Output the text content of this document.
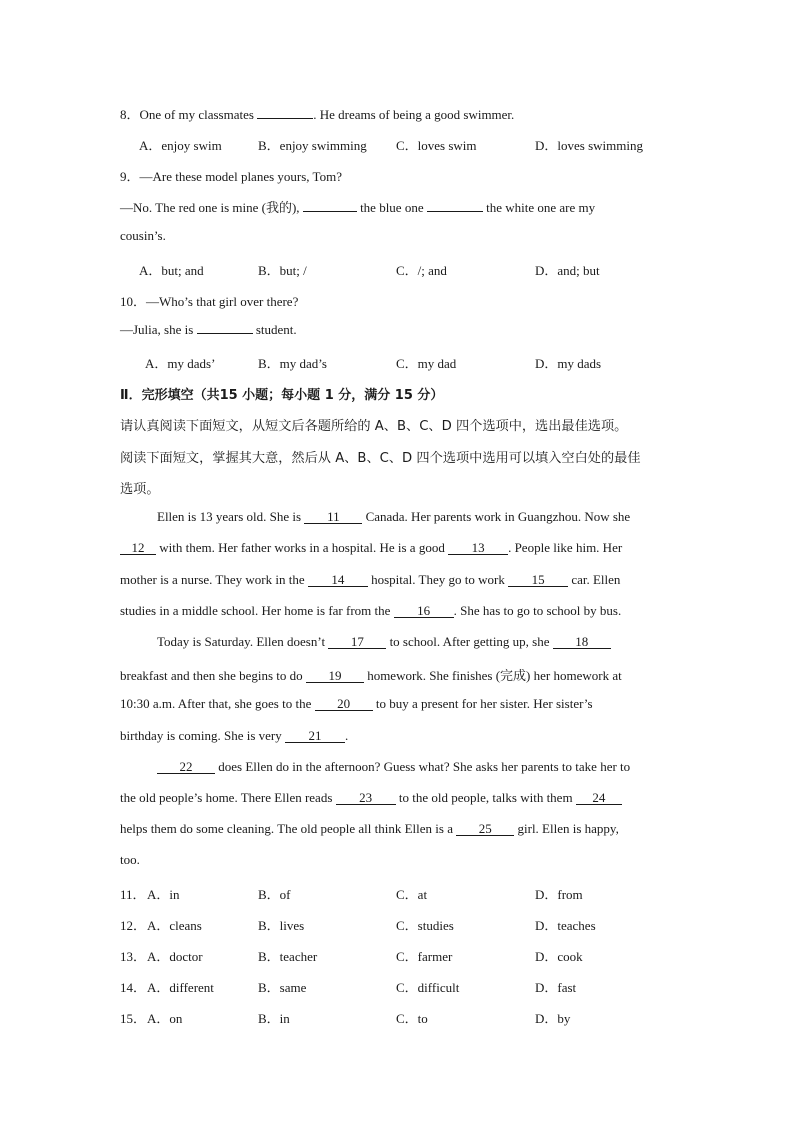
8．One of my classmates	. He dreams of being a good swimmer.
A．enjoy swim	B．enjoy swimming C．loves swim	D．loves swimming
9．—Are these model planes yours, Tom?
—No. The red one is mine (我的),	the blue one	the white one are my
cousin’s.
A．but; and	B．but; /	C．/; and	D．and; but
10．—Who’s that girl over there?
—Julia, she is	student.
A．my dads’	B．my dad’s	C．my dad	D．my dads
Ⅱ．完形填空（共15 小题；每小题 1 分，满分 15 分）
请认真阅读下面短文，从短文后各题所给的 A、B、C、D 四个选项中，选出最佳选项。
阅读下面短文，掌握其大意，然后从 A、B、C、D 四个选项中选用可以填入空白处的最佳
选项。
Ellen is 13 years old. She is 11 Canada. Her parents work in Guangzhou. Now she
12 with them. Her father works in a hospital. He is a good 13 . People like him. Her
mother is a nurse. They work in the 14 hospital. They go to work 15 car. Ellen
studies in a middle school. Her home is far from the 16 . She has to go to school by bus.
Today is Saturday. Ellen doesn’t 17 to school. After getting up, she 18
breakfast and then she begins to do 19 homework. She finishes (完成) her homework at
10:30 a.m. After that, she goes to the 20 to buy a present for her sister. Her sister’s
birthday is coming. She is very 21 .
22 does Ellen do in the afternoon? Guess what? She asks her parents to take her to
the old people’s home. There Ellen reads 23 to the old people, talks with them 24
helps them do some cleaning. The old people all think Ellen is a 25 girl. Ellen is happy,
too.
11． A．in	B．of	C．at	D．from
12． A．cleans	B．lives	C．studies	D．teaches
13． A．doctor	B．teacher	C．farmer	D．cook
14． A．different	B．same	C．difficult	D．fast
15． A．on	B．in	C．to	D．by
